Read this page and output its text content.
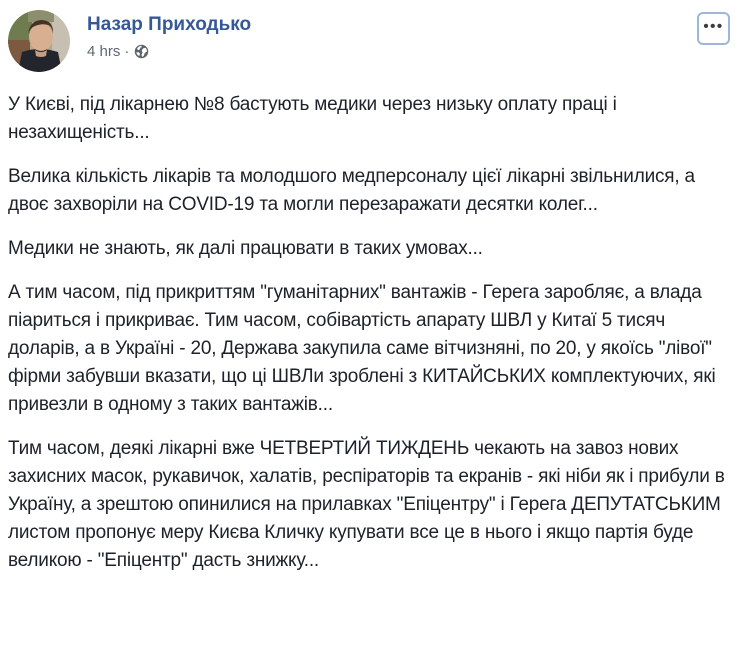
Назар Приходько
4 hrs ·
•••

У Києві, під лікарнею №8 бастують медики через низьку оплату праці і незахищеність...

Велика кількість лікарів та молодшого медперсоналу цієї лікарні звільнилися, а двоє захворіли на COVID-19 та могли перезаражати десятки колег...

Медики не знають, як далі працювати в таких умовах...

А тим часом, під прикриттям "гуманітарних" вантажів - Герега заробляє, а влада піариться і прикриває. Тим часом, собівартість апарату ШВЛ у Китаї 5 тисяч доларів, а в Україні - 20, Держава закупила саме вітчизняні, по 20, у якоїсь "лівої" фірми забувши вказати, що ці ШВЛи зроблені з КИТАЙСЬКИХ комплектуючих, які привезли в одному з таких вантажів...

Тим часом, деякі лікарні вже ЧЕТВЕРТИЙ ТИЖДЕНЬ чекають на завоз нових захисних масок, рукавичок, халатів, респіраторів та екранів - які ніби як і прибули в Україну, а зрештою опинилися на прилавках "Епіцентру" і Герега ДЕПУТАТСЬКИМ листом пропонує меру Києва Кличку купувати все це в нього і якщо партія буде великою - "Епіцентр" дасть знижку...
